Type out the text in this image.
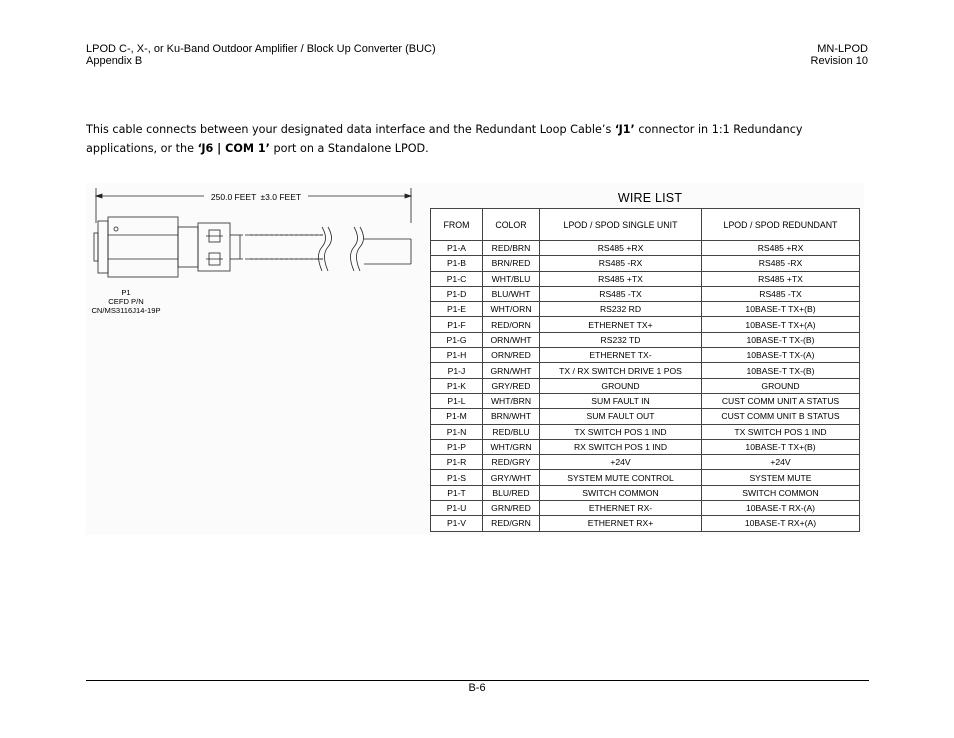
LPOD C-, X-, or Ku-Band Outdoor Amplifier / Block Up Converter (BUC)
Appendix B
MN-LPOD
Revision 10
This cable connects between your designated data interface and the Redundant Loop Cable’s ‘J1’ connector in 1:1 Redundancy applications, or the ‘J6 | COM 1’ port on a Standalone LPOD.
250.0 FEET ±3.0 FEET
P1
CEFD P/N
CN/MS3116J14-19P
WIRE LIST
FROM	COLOR	LPOD / SPOD SINGLE UNIT	LPOD / SPOD REDUNDANT
P1-A	RED/BRN	RS485 +RX	RS485 +RX
P1-B	BRN/RED	RS485 -RX	RS485 -RX
P1-C	WHT/BLU	RS485 +TX	RS485 +TX
P1-D	BLU/WHT	RS485 -TX	RS485 -TX
P1-E	WHT/ORN	RS232 RD	10BASE-T TX+(B)
P1-F	RED/ORN	ETHERNET TX+	10BASE-T TX+(A)
P1-G	ORN/WHT	RS232 TD	10BASE-T TX-(B)
P1-H	ORN/RED	ETHERNET TX-	10BASE-T TX-(A)
P1-J	GRN/WHT	TX / RX SWITCH DRIVE 1 POS	10BASE-T TX-(B)
P1-K	GRY/RED	GROUND	GROUND
P1-L	WHT/BRN	SUM FAULT IN	CUST COMM UNIT A STATUS
P1-M	BRN/WHT	SUM FAULT OUT	CUST COMM UNIT B STATUS
P1-N	RED/BLU	TX SWITCH POS 1 IND	TX SWITCH POS 1 IND
P1-P	WHT/GRN	RX SWITCH POS 1 IND	10BASE-T TX+(B)
P1-R	RED/GRY	+24V	+24V
P1-S	GRY/WHT	SYSTEM MUTE CONTROL	SYSTEM MUTE
P1-T	BLU/RED	SWITCH COMMON	SWITCH COMMON
P1-U	GRN/RED	ETHERNET RX-	10BASE-T RX-(A)
P1-V	RED/GRN	ETHERNET RX+	10BASE-T RX+(A)
B-6
